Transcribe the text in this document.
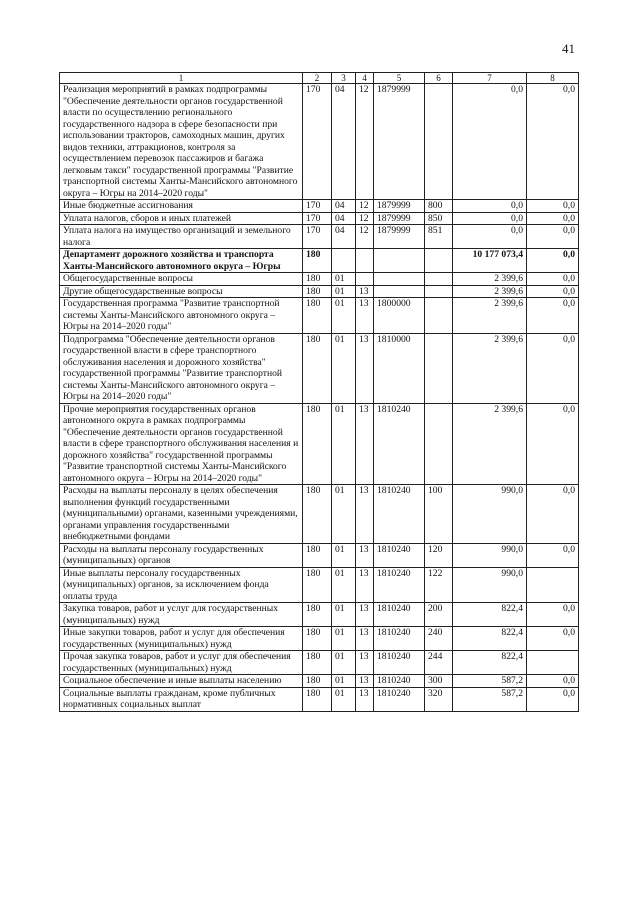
41
1	2	3	4	5	6	7	8
Реализация мероприятий в рамках подпрограммы "Обеспечение деятельности органов государственной власти по осуществлению регионального государственного надзора в сфере безопасности при использовании тракторов, самоходных машин, других видов техники, аттракционов, контроля за осуществлением перевозок пассажиров и багажа легковым такси" государственной программы "Развитие транспортной системы Ханты-Мансийского автономного округа – Югры на 2014–2020 годы"	170	04	12	1879999		0,0	0,0
Иные бюджетные ассигнования	170	04	12	1879999	800	0,0	0,0
Уплата налогов, сборов и иных платежей	170	04	12	1879999	850	0,0	0,0
Уплата налога на имущество организаций и земельного налога	170	04	12	1879999	851	0,0	0,0
Департамент дорожного хозяйства и транспорта Ханты-Мансийского автономного округа – Югры	180					10 177 073,4	0,0
Общегосударственные вопросы	180	01				2 399,6	0,0
Другие общегосударственные вопросы	180	01	13			2 399,6	0,0
Государственная программа "Развитие транспортной системы Ханты-Мансийского автономного округа – Югры на 2014–2020 годы"	180	01	13	1800000		2 399,6	0,0
Подпрограмма "Обеспечение деятельности органов государственной власти в сфере транспортного обслуживания населения и дорожного хозяйства" государственной программы "Развитие транспортной системы Ханты-Мансийского автономного округа – Югры на 2014–2020 годы"	180	01	13	1810000		2 399,6	0,0
Прочие мероприятия государственных органов автономного округа в рамках подпрограммы "Обеспечение деятельности органов государственной власти в сфере транспортного обслуживания населения и дорожного хозяйства" государственной программы "Развитие транспортной системы Ханты-Мансийского автономного округа – Югры на 2014–2020 годы"	180	01	13	1810240		2 399,6	0,0
Расходы на выплаты персоналу в целях обеспечения выполнения функций государственными (муниципальными) органами, казенными учреждениями, органами управления государственными внебюджетными фондами	180	01	13	1810240	100	990,0	0,0
Расходы на выплаты персоналу государственных (муниципальных) органов	180	01	13	1810240	120	990,0	0,0
Иные выплаты персоналу государственных (муниципальных) органов, за исключением фонда оплаты труда	180	01	13	1810240	122	990,0	
Закупка товаров, работ и услуг для государственных (муниципальных) нужд	180	01	13	1810240	200	822,4	0,0
Иные закупки товаров, работ и услуг для обеспечения государственных (муниципальных) нужд	180	01	13	1810240	240	822,4	0,0
Прочая закупка товаров, работ и услуг для обеспечения государственных (муниципальных) нужд	180	01	13	1810240	244	822,4	
Социальное обеспечение и иные выплаты населению	180	01	13	1810240	300	587,2	0,0
Социальные выплаты гражданам, кроме публичных нормативных социальных выплат	180	01	13	1810240	320	587,2	0,0
